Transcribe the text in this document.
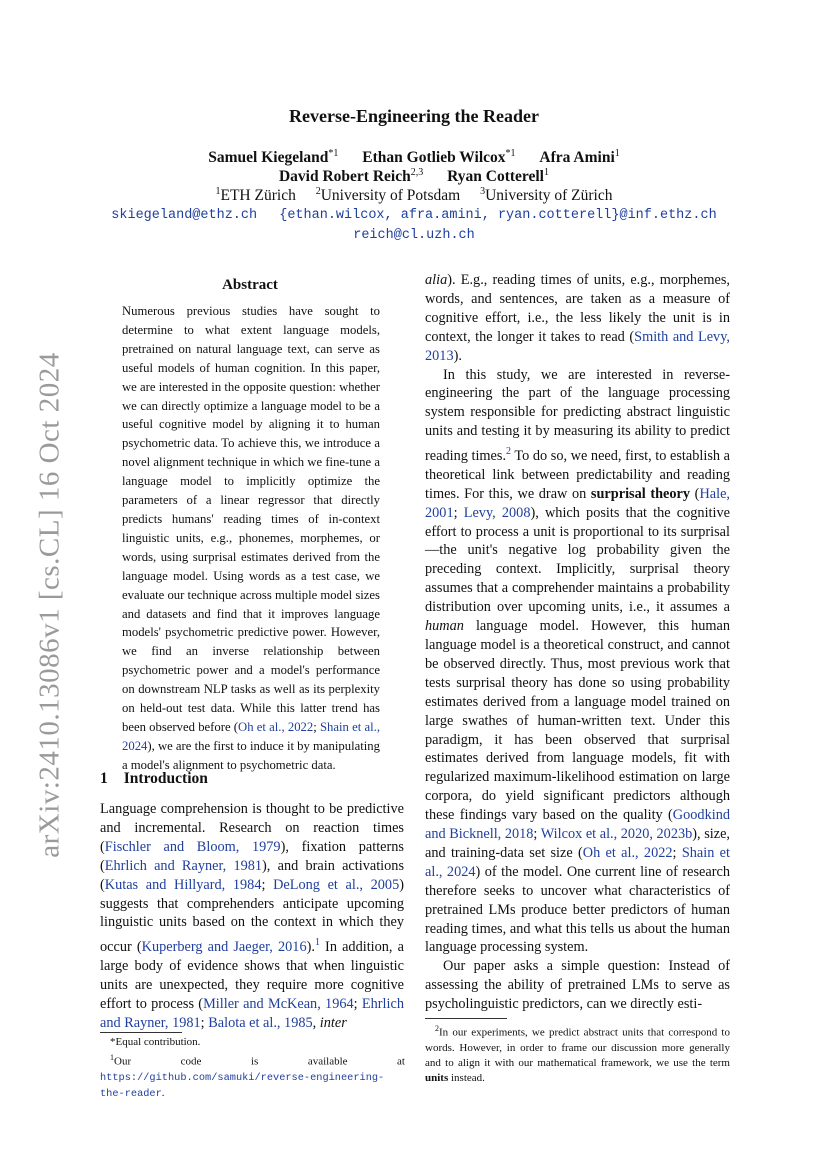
arXiv:2410.13086v1 [cs.CL] 16 Oct 2024
Reverse-Engineering the Reader
Samuel Kiegeland$^{*1}$ Ethan Gotlieb Wilcox$^{*1}$ Afra Amini$^1$
David Robert Reich$^{2,3}$ Ryan Cotterell$^1$
$^1$ETH Zürich $^2$University of Potsdam $^3$University of Zürich
skiegeland@ethz.ch {ethan.wilcox, afra.amini, ryan.cotterell}@inf.ethz.ch
reich@cl.uzh.ch
Abstract
Numerous previous studies have sought to determine to what extent language models, pretrained on natural language text, can serve as useful models of human cognition. In this paper, we are interested in the opposite question: whether we can directly optimize a language model to be a useful cognitive model by aligning it to human psychometric data. To achieve this, we introduce a novel alignment technique in which we fine-tune a language model to implicitly optimize the parameters of a linear regressor that directly predicts humans' reading times of in-context linguistic units, e.g., phonemes, morphemes, or words, using surprisal estimates derived from the language model. Using words as a test case, we evaluate our technique across multiple model sizes and datasets and find that it improves language models' psychometric predictive power. However, we find an inverse relationship between psychometric power and a model's performance on downstream NLP tasks as well as its perplexity on held-out test data. While this latter trend has been observed before (Oh et al., 2022; Shain et al., 2024), we are the first to induce it by manipulating a model's alignment to psychometric data.
1 Introduction

Language comprehension is thought to be predictive and incremental. Research on reaction times (Fischler and Bloom, 1979), fixation patterns (Ehrlich and Rayner, 1981), and brain activations (Kutas and Hillyard, 1984; DeLong et al., 2005) suggests that comprehenders anticipate upcoming linguistic units based on the context in which they occur (Kuperberg and Jaeger, 2016).$^1$ In addition, a large body of evidence shows that when linguistic units are unexpected, they require more cognitive effort to process (Miller and McKean, 1964; Ehrlich and Rayner, 1981; Balota et al., 1985, inter

alia). E.g., reading times of units, e.g., morphemes, words, and sentences, are taken as a measure of cognitive effort, i.e., the less likely the unit is in context, the longer it takes to read (Smith and Levy, 2013).

In this study, we are interested in reverse-engineering the part of the language processing system responsible for predicting abstract linguistic units and testing it by measuring its ability to predict reading times.$^2$ To do so, we need, first, to establish a theoretical link between predictability and reading times. For this, we draw on surprisal theory (Hale, 2001; Levy, 2008), which posits that the cognitive effort to process a unit is proportional to its surprisal—the unit's negative log probability given the preceding context. Implicitly, surprisal theory assumes that a comprehender maintains a probability distribution over upcoming units, i.e., it assumes a human language model. However, this human language model is a theoretical construct, and cannot be observed directly. Thus, most previous work that tests surprisal theory has done so using probability estimates derived from a language model trained on large swathes of human-written text. Under this paradigm, it has been observed that surprisal estimates derived from language models, fit with regularized maximum-likelihood estimation on large corpora, do yield significant predictors although these findings vary based on the quality (Goodkind and Bicknell, 2018; Wilcox et al., 2020, 2023b), size, and training-data set size (Oh et al., 2022; Shain et al., 2024) of the model. One current line of research therefore seeks to uncover what characteristics of pretrained LMs produce better predictors of human reading times, and what this tells us about the human language processing system.

Our paper asks a simple question: Instead of assessing the ability of pretrained LMs to serve as psycholinguistic predictors, can we directly esti-

*Equal contribution.
$^1$Our code is available at https://github.com/samuki/reverse-engineering-the-reader.
$^2$In our experiments, we predict abstract units that correspond to words. However, in order to frame our discussion more generally and to align it with our mathematical framework, we use the term units instead.
